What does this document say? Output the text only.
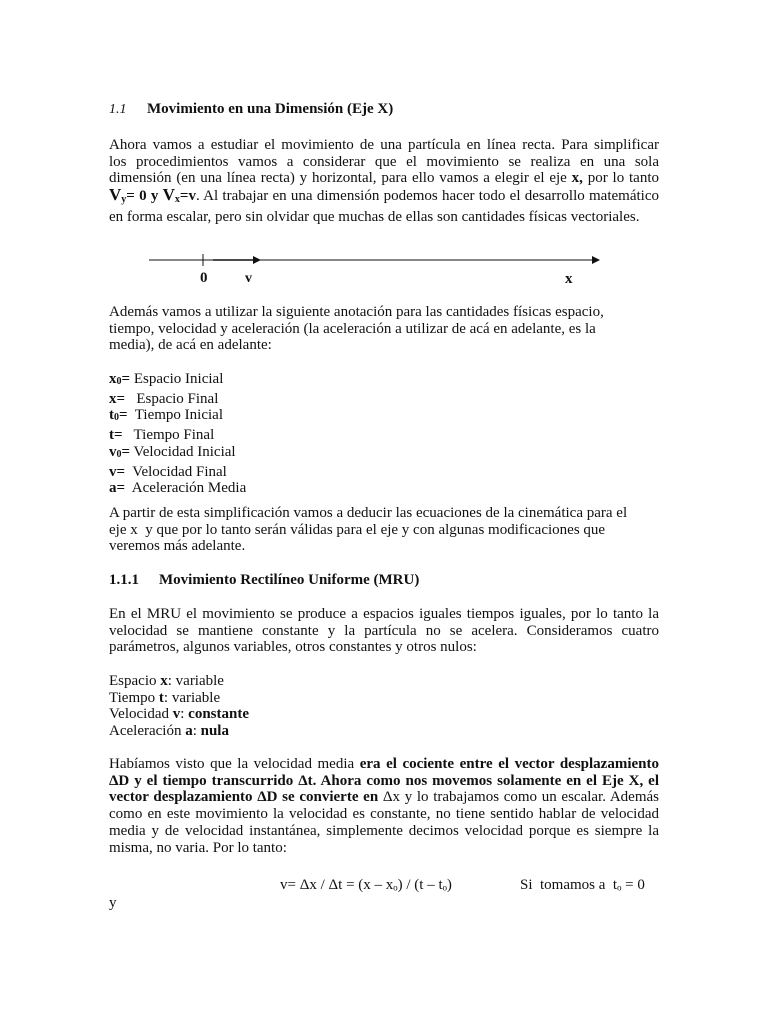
1.1 Movimiento en una Dimensión (Eje X)
Ahora vamos a estudiar el movimiento de una partícula en línea recta. Para simplificar
los procedimientos vamos a considerar que el movimiento se realiza en una sola
dimensión (en una línea recta) y horizontal, para ello vamos a elegir el eje x, por lo tanto
$V_y= 0$ y $V_x=v$. Al trabajar en una dimensión podemos hacer todo el desarrollo matemático
en forma escalar, pero sin olvidar que muchas de ellas son cantidades físicas vectoriales.
0	v	x
Además vamos a utilizar la siguiente anotación para las cantidades físicas espacio,
tiempo, velocidad y aceleración (la aceleración a utilizar de acá en adelante, es la
media), de acá en adelante:
x0= Espacio Inicial
x=   Espacio Final
t0=  Tiempo Inicial
t=   Tiempo Final
v0= Velocidad Inicial
v=  Velocidad Final
a=  Aceleración Media
A partir de esta simplificación vamos a deducir las ecuaciones de la cinemática para el
eje x  y que por lo tanto serán válidas para el eje y con algunas modificaciones que
veremos más adelante.
1.1.1 Movimiento Rectilíneo Uniforme (MRU)
En el MRU el movimiento se produce a espacios iguales tiempos iguales, por lo tanto la
velocidad se mantiene constante y la partícula no se acelera. Consideramos cuatro
parámetros, algunos variables, otros constantes y otros nulos:
Espacio x: variable
Tiempo t: variable
Velocidad v: constante
Aceleración a: nula
Habíamos visto que la velocidad media era el cociente entre el vector desplazamiento
ΔD y el tiempo transcurrido Δt. Ahora como nos movemos solamente en el Eje X, el
vector desplazamiento ΔD se convierte en Δx y lo trabajamos como un escalar. Además
como en este movimiento la velocidad es constante, no tiene sentido hablar de velocidad
media y de velocidad instantánea, simplemente decimos velocidad porque es siempre la
misma, no varia. Por lo tanto:
v= Δx / Δt = (x – xₒ) / (t – tₒ)	Si  tomamos a  tₒ = 0
y
